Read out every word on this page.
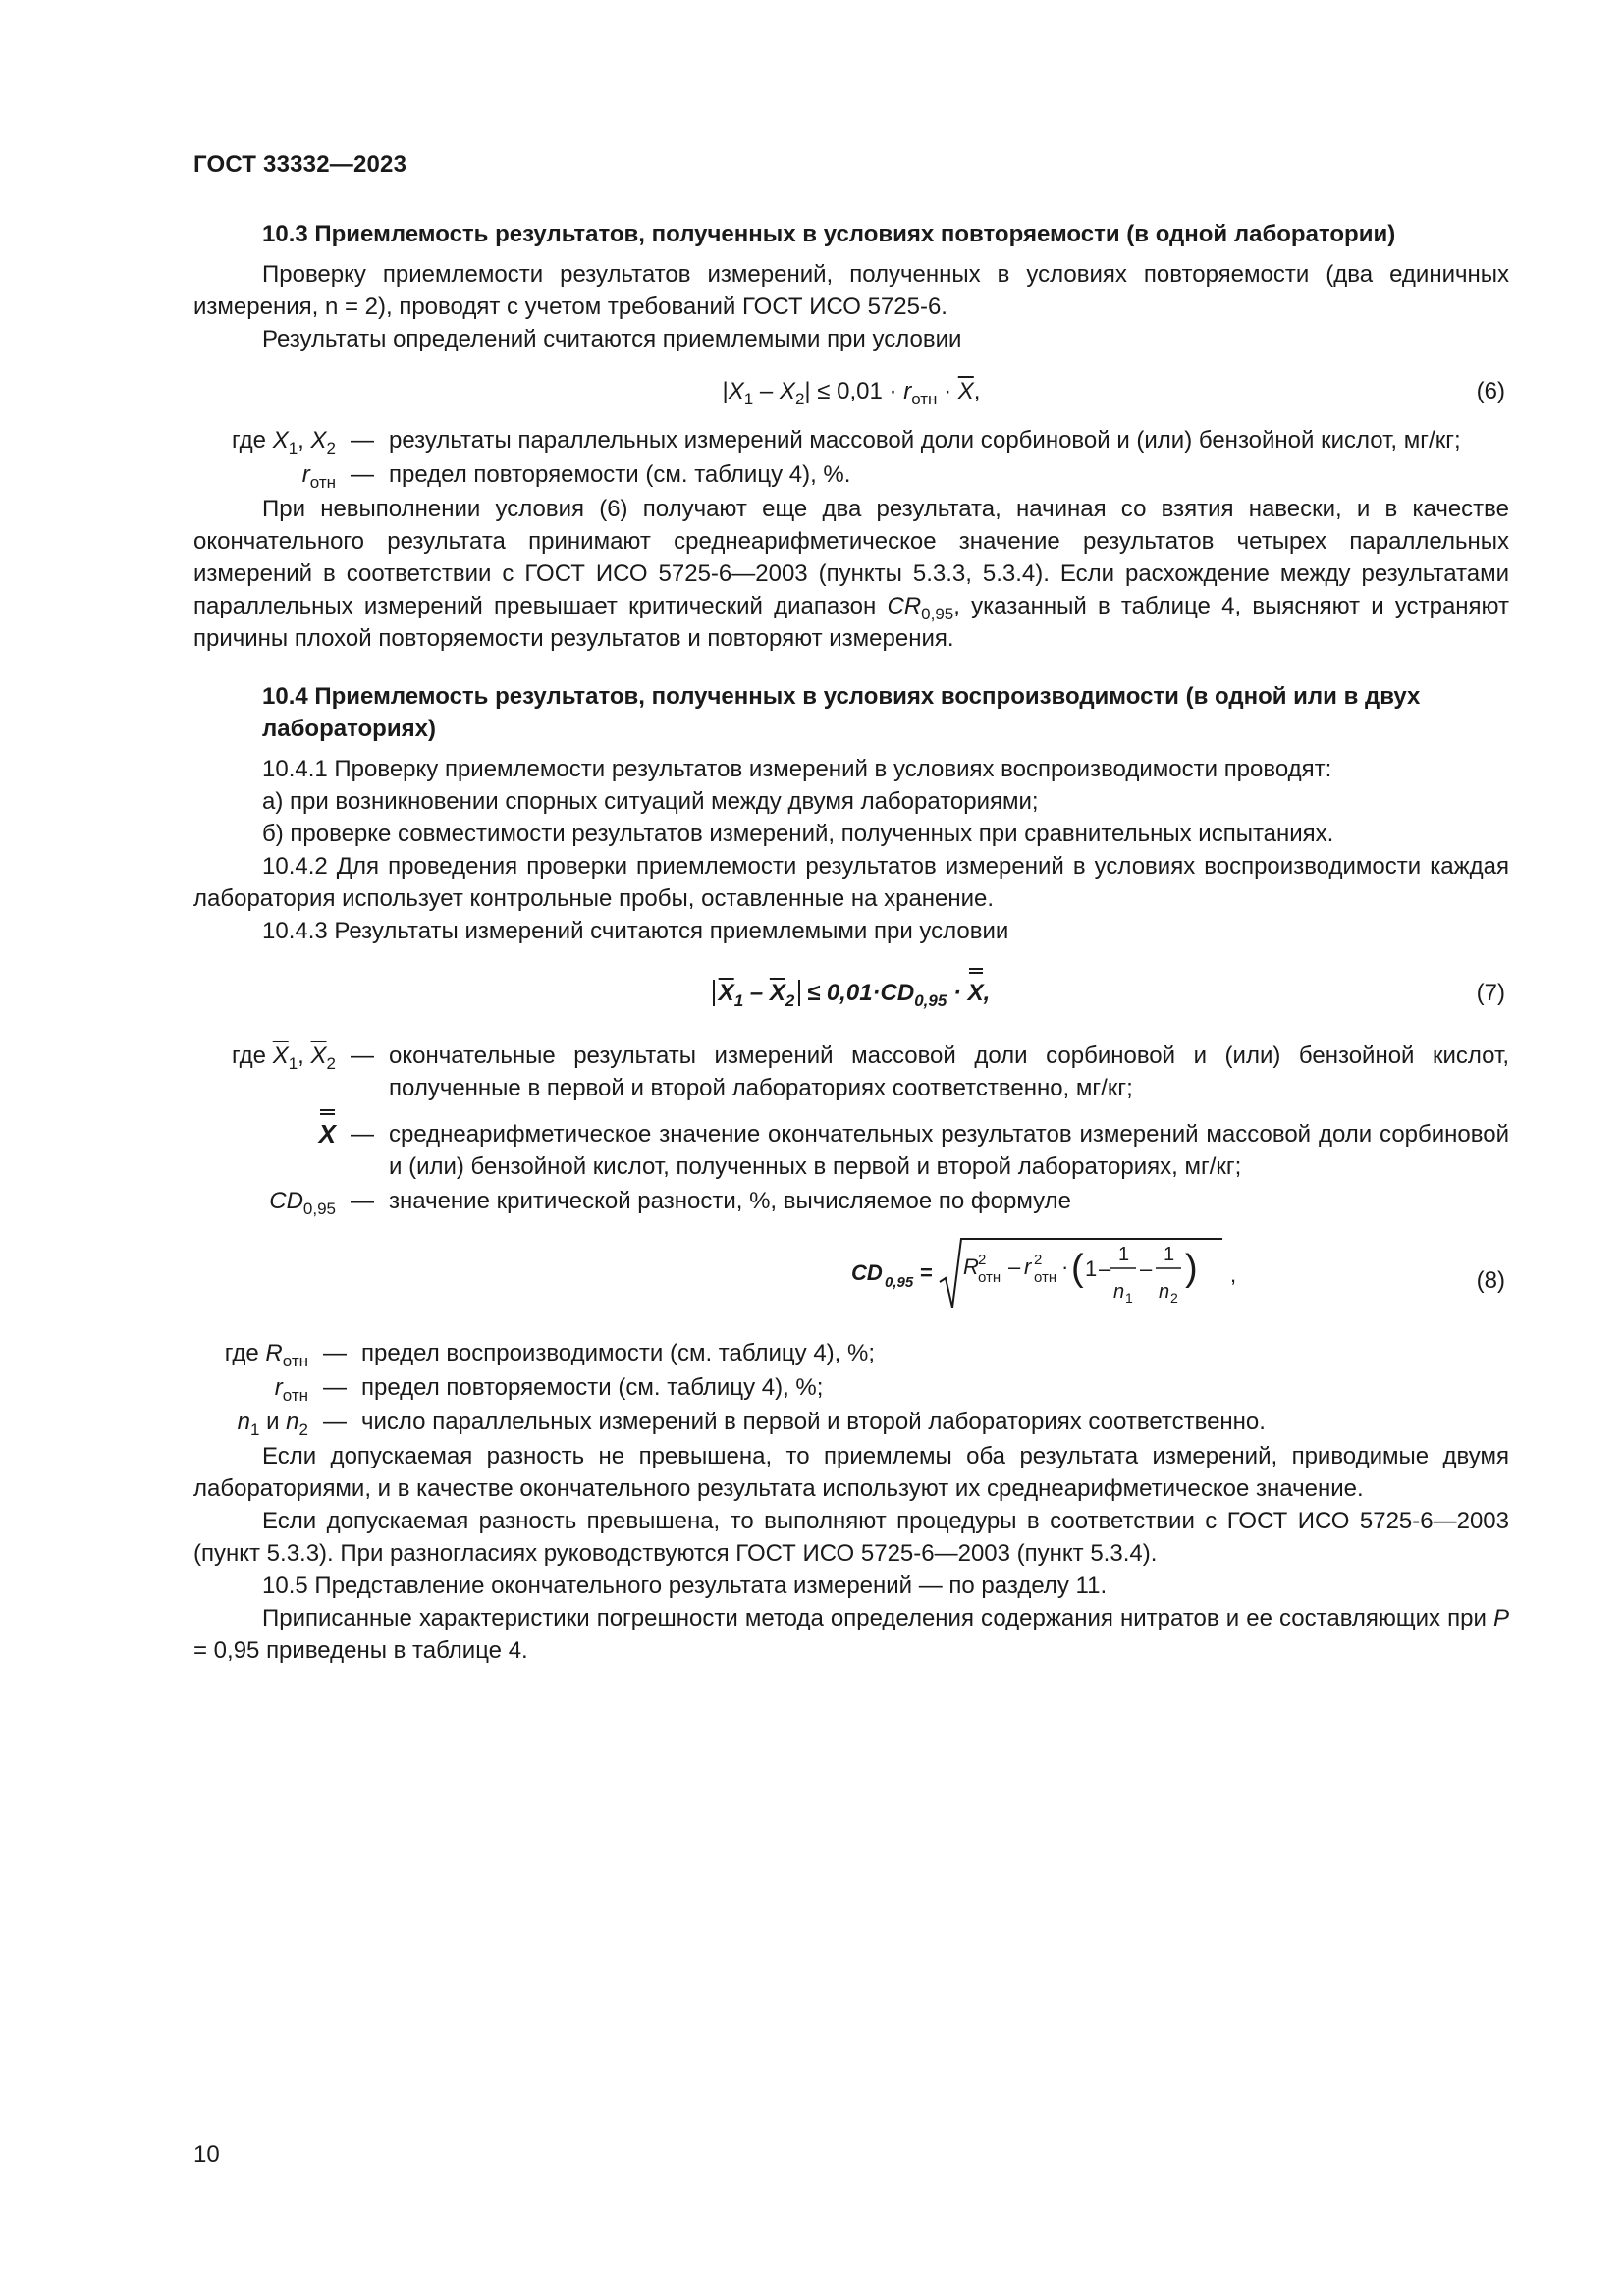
ГОСТ 33332—2023
10.3 Приемлемость результатов, полученных в условиях повторяемости (в одной лаборатории)

Проверку приемлемости результатов измерений, полученных в условиях повторяемости (два единичных измерения, n = 2), проводят с учетом требований ГОСТ ИСО 5725-6.

Результаты определений считаются приемлемыми при условии

$|X_1 - X_2| \le 0,01 \cdot r_{отн} \cdot \overline{X}$,	(6)
где $X_1$, $X_2$ — результаты параллельных измерений массовой доли сорбиновой и (или) бензойной кислот, мг/кг;
$r_{отн}$ — предел повторяемости (см. таблицу 4), %.

При невыполнении условия (6) получают еще два результата, начиная со взятия навески, и в качестве окончательного результата принимают среднеарифметическое значение результатов четырех параллельных измерений в соответствии с ГОСТ ИСО 5725-6—2003 (пункты 5.3.3, 5.3.4). Если расхождение между результатами параллельных измерений превышает критический диапазон $CR_{0,95}$, указанный в таблице 4, выясняют и устраняют причины плохой повторяемости результатов и повторяют измерения.

10.4 Приемлемость результатов, полученных в условиях воспроизводимости (в одной или в двух лабораториях)

10.4.1 Проверку приемлемости результатов измерений в условиях воспроизводимости проводят:

а) при возникновении спорных ситуаций между двумя лабораториями;

б) проверке совместимости результатов измерений, полученных при сравнительных испытаниях.

10.4.2 Для проведения проверки приемлемости результатов измерений в условиях воспроизводимости каждая лаборатория использует контрольные пробы, оставленные на хранение.

10.4.3 Результаты измерений считаются приемлемыми при условии

$\overline{X}_1 - \overline{X}_2 \le 0,01\cdot CD_{0,95} \cdot X$,	(7)
где $\overline{X}_1$, $\overline{X}_2$ — окончательные результаты измерений массовой доли сорбиновой и (или) бензойной кислот, полученные в первой и второй лабораториях соответственно, мг/кг;
X — среднеарифметическое значение окончательных результатов измерений массовой доли сорбиновой и (или) бензойной кислот, полученных в первой и второй лабораториях, мг/кг;
$CD_{0,95}$ — значение критической разности, %, вычисляемое по формуле
CD 0,95 = R 2
отн – r 2
отн · ( 1 –
1
n 1
–
1
n 2
) ,	(8)
где $R_{отн}$ — предел воспроизводимости (см. таблицу 4), %;
$r_{отн}$ — предел повторяемости (см. таблицу 4), %;
$n_1$ и $n_2$ — число параллельных измерений в первой и второй лабораториях соответственно.

Если допускаемая разность не превышена, то приемлемы оба результата измерений, приводимые двумя лабораториями, и в качестве окончательного результата используют их среднеарифметическое значение.

Если допускаемая разность превышена, то выполняют процедуры в соответствии с ГОСТ ИСО 5725-6—2003 (пункт 5.3.3). При разногласиях руководствуются ГОСТ ИСО 5725-6—2003 (пункт 5.3.4).

10.5 Представление окончательного результата измерений — по разделу 11.

Приписанные характеристики погрешности метода определения содержания нитратов и ее составляющих при P = 0,95 приведены в таблице 4.

10
